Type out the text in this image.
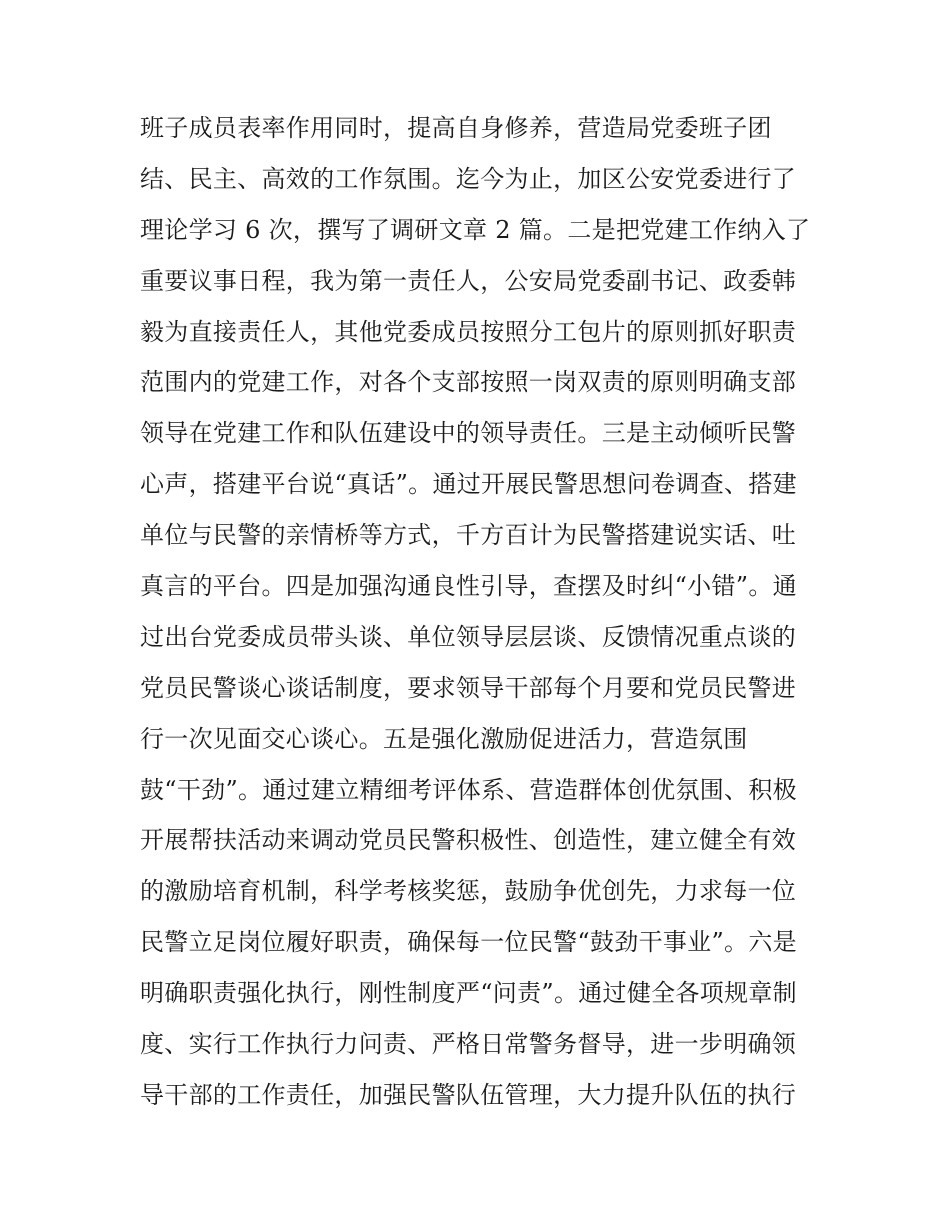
班子成员表率作用同时，提高自身修养，营造局党委班子团
结、民主、高效的工作氛围。迄今为止，加区公安党委进行了
理论学习 6 次，撰写了调研文章 2 篇。二是把党建工作纳入了
重要议事日程，我为第一责任人，公安局党委副书记、政委韩
毅为直接责任人，其他党委成员按照分工包片的原则抓好职责
范围内的党建工作，对各个支部按照一岗双责的原则明确支部
领导在党建工作和队伍建设中的领导责任。三是主动倾听民警
心声，搭建平台说“真话”。通过开展民警思想问卷调查、搭建
单位与民警的亲情桥等方式，千方百计为民警搭建说实话、吐
真言的平台。四是加强沟通良性引导，查摆及时纠“小错”。通
过出台党委成员带头谈、单位领导层层谈、反馈情况重点谈的
党员民警谈心谈话制度，要求领导干部每个月要和党员民警进
行一次见面交心谈心。五是强化激励促进活力，营造氛围
鼓“干劲”。通过建立精细考评体系、营造群体创优氛围、积极
开展帮扶活动来调动党员民警积极性、创造性，建立健全有效
的激励培育机制，科学考核奖惩，鼓励争优创先，力求每一位
民警立足岗位履好职责，确保每一位民警“鼓劲干事业”。六是
明确职责强化执行，刚性制度严“问责”。通过健全各项规章制
度、实行工作执行力问责、严格日常警务督导，进一步明确领
导干部的工作责任，加强民警队伍管理，大力提升队伍的执行
